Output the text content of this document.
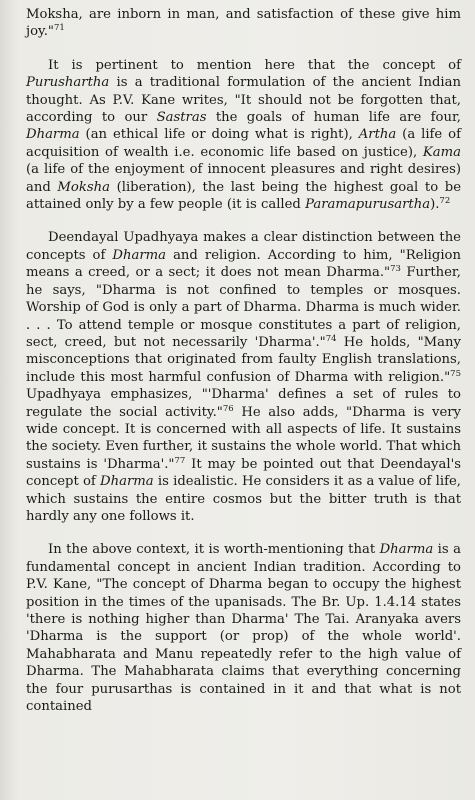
Moksha, are inborn in man, and satisfaction of these give him joy."$^{71}$

It is pertinent to mention here that the concept of Purushartha is a traditional formulation of the ancient Indian thought. As P.V. Kane writes, "It should not be forgotten that, according to our Sastras the goals of human life are four, Dharma (an ethical life or doing what is right), Artha (a life of acquisition of wealth i.e. economic life based on justice), Kama (a life of the enjoyment of innocent pleasures and right desires) and Moksha (liberation), the last being the highest goal to be attained only by a few people (it is called Paramapurusartha).$^{72}$

Deendayal Upadhyaya makes a clear distinction between the concepts of Dharma and religion. According to him, "Religion means a creed, or a sect; it does not mean Dharma."$^{73}$ Further, he says, "Dharma is not confined to temples or mosques. Worship of God is only a part of Dharma. Dharma is much wider. . . . To attend temple or mosque constitutes a part of religion, sect, creed, but not necessarily 'Dharma'."$^{74}$ He holds, "Many misconceptions that originated from faulty English translations, include this most harmful confusion of Dharma with religion."$^{75}$ Upadhyaya emphasizes, "'Dharma' defines a set of rules to regulate the social activity."$^{76}$ He also adds, "Dharma is very wide concept. It is concerned with all aspects of life. It sustains the society. Even further, it sustains the whole world. That which sustains is 'Dharma'."$^{77}$ It may be pointed out that Deendayal's concept of Dharma is idealistic. He considers it as a value of life, which sustains the entire cosmos but the bitter truth is that hardly any one follows it.

In the above context, it is worth-mentioning that Dharma is a fundamental concept in ancient Indian tradition. According to P.V. Kane, "The concept of Dharma began to occupy the highest position in the times of the upanisads. The Br. Up. 1.4.14 states 'there is nothing higher than Dharma' The Tai. Aranyaka avers 'Dharma is the support (or prop) of the whole world'. Mahabharata and Manu repeatedly refer to the high value of Dharma. The Mahabharata claims that everything concerning the four purusarthas is contained in it and that what is not contained
